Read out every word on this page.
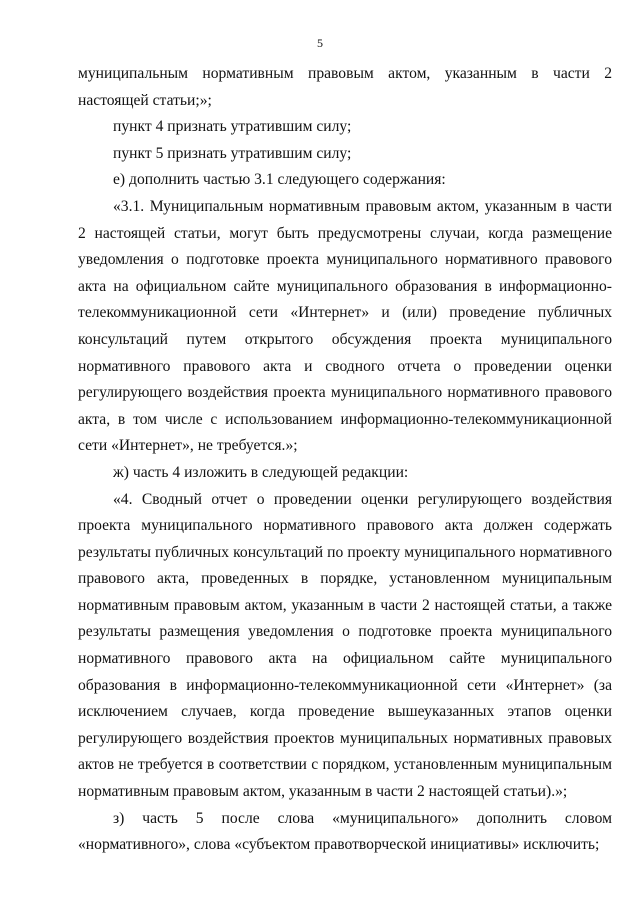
5

муниципальным нормативным правовым актом, указанным в части 2 настоящей статьи;»;

пункт 4 признать утратившим силу;

пункт 5 признать утратившим силу;

е) дополнить частью 3.1 следующего содержания:

«3.1. Муниципальным нормативным правовым актом, указанным в части 2 настоящей статьи, могут быть предусмотрены случаи, когда размещение уведомления о подготовке проекта муниципального нормативного правового акта на официальном сайте муниципального образования в информационно-телекоммуникационной сети «Интернет» и (или) проведение публичных консультаций путем открытого обсуждения проекта муниципального нормативного правового акта и сводного отчета о проведении оценки регулирующего воздействия проекта муниципального нормативного правового акта, в том числе с использованием информационно-телекоммуникационной сети «Интернет», не требуется.»;

ж) часть 4 изложить в следующей редакции:

«4. Сводный отчет о проведении оценки регулирующего воздействия проекта муниципального нормативного правового акта должен содержать результаты публичных консультаций по проекту муниципального нормативного правового акта, проведенных в порядке, установленном муниципальным нормативным правовым актом, указанным в части 2 настоящей статьи, а также результаты размещения уведомления о подготовке проекта муниципального нормативного правового акта на официальном сайте муниципального образования в информационно-телекоммуникационной сети «Интернет» (за исключением случаев, когда проведение вышеуказанных этапов оценки регулирующего воздействия проектов муниципальных нормативных правовых актов не требуется в соответствии с порядком, установленным муниципальным нормативным правовым актом, указанным в части 2 настоящей статьи).»;

з) часть 5 после слова «муниципального» дополнить словом «нормативного», слова «субъектом правотворческой инициативы» исключить;
